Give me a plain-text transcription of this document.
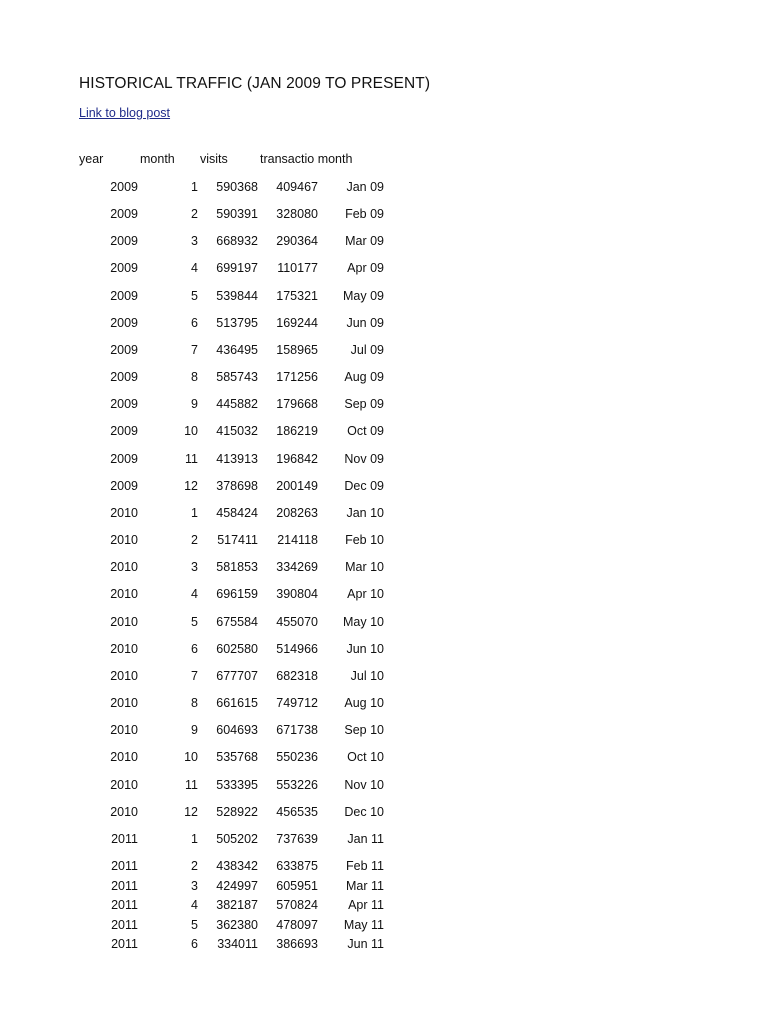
HISTORICAL TRAFFIC (JAN 2009 TO PRESENT)
Link to blog post
year	month visits	transactio month
2009	1	590368	409467	Jan 09
2009	2	590391	328080	Feb 09
2009	3	668932	290364	Mar 09
2009	4	699197	110177	Apr 09
2009	5	539844	175321	May 09
2009	6	513795	169244	Jun 09
2009	7	436495	158965	Jul 09
2009	8	585743	171256	Aug 09
2009	9	445882	179668	Sep 09
2009	10	415032	186219	Oct 09
2009	11	413913	196842	Nov 09
2009	12	378698	200149	Dec 09
2010	1	458424	208263	Jan 10
2010	2	517411	214118	Feb 10
2010	3	581853	334269	Mar 10
2010	4	696159	390804	Apr 10
2010	5	675584	455070	May 10
2010	6	602580	514966	Jun 10
2010	7	677707	682318	Jul 10
2010	8	661615	749712	Aug 10
2010	9	604693	671738	Sep 10
2010	10	535768	550236	Oct 10
2010	11	533395	553226	Nov 10
2010	12	528922	456535	Dec 10
2011	1	505202	737639	Jan 11
2011	2	438342	633875	Feb 11
2011	3	424997	605951	Mar 11
2011	4	382187	570824	Apr 11
2011	5	362380	478097	May 11
2011	6	334011	386693	Jun 11
